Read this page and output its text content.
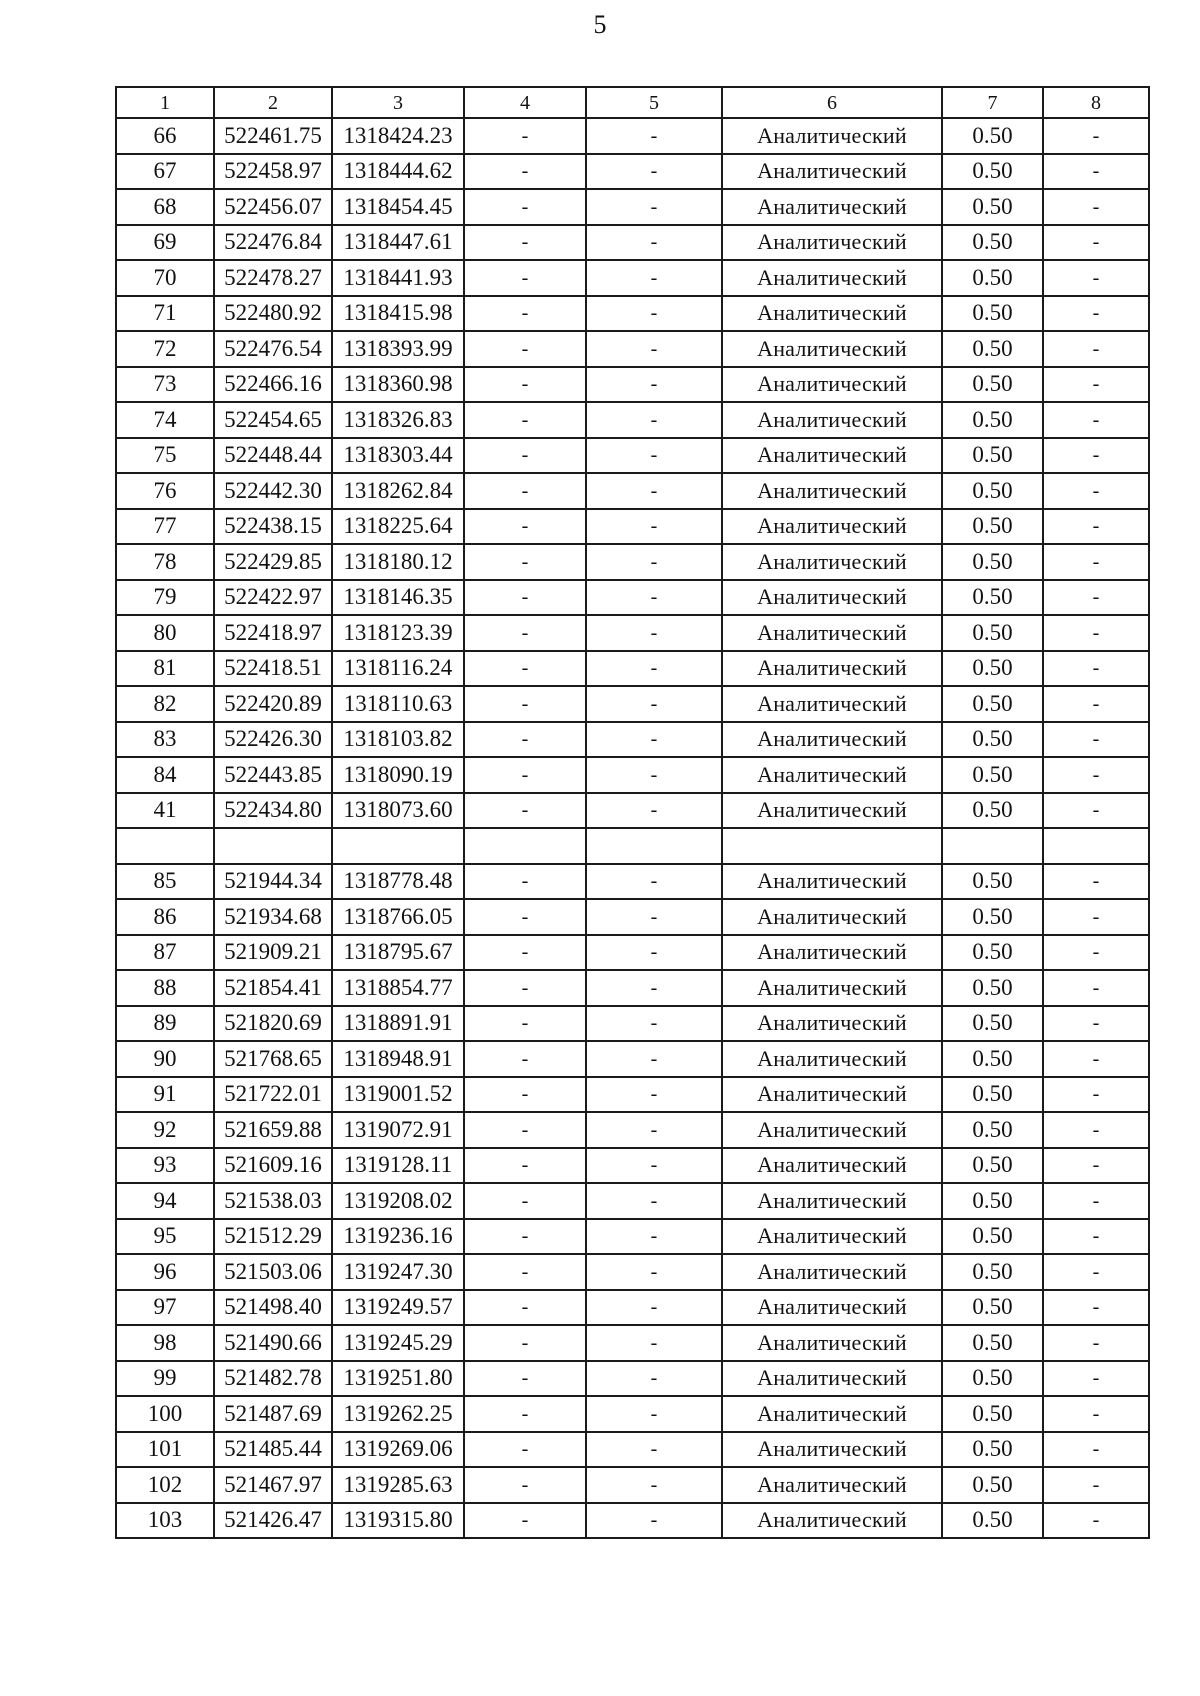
5
1	2	3	4	5	6	7	8
66	522461.75	1318424.23	-	-	Аналитический	0.50	-
67	522458.97	1318444.62	-	-	Аналитический	0.50	-
68	522456.07	1318454.45	-	-	Аналитический	0.50	-
69	522476.84	1318447.61	-	-	Аналитический	0.50	-
70	522478.27	1318441.93	-	-	Аналитический	0.50	-
71	522480.92	1318415.98	-	-	Аналитический	0.50	-
72	522476.54	1318393.99	-	-	Аналитический	0.50	-
73	522466.16	1318360.98	-	-	Аналитический	0.50	-
74	522454.65	1318326.83	-	-	Аналитический	0.50	-
75	522448.44	1318303.44	-	-	Аналитический	0.50	-
76	522442.30	1318262.84	-	-	Аналитический	0.50	-
77	522438.15	1318225.64	-	-	Аналитический	0.50	-
78	522429.85	1318180.12	-	-	Аналитический	0.50	-
79	522422.97	1318146.35	-	-	Аналитический	0.50	-
80	522418.97	1318123.39	-	-	Аналитический	0.50	-
81	522418.51	1318116.24	-	-	Аналитический	0.50	-
82	522420.89	1318110.63	-	-	Аналитический	0.50	-
83	522426.30	1318103.82	-	-	Аналитический	0.50	-
84	522443.85	1318090.19	-	-	Аналитический	0.50	-
41	522434.80	1318073.60	-	-	Аналитический	0.50	-

85	521944.34	1318778.48	-	-	Аналитический	0.50	-
86	521934.68	1318766.05	-	-	Аналитический	0.50	-
87	521909.21	1318795.67	-	-	Аналитический	0.50	-
88	521854.41	1318854.77	-	-	Аналитический	0.50	-
89	521820.69	1318891.91	-	-	Аналитический	0.50	-
90	521768.65	1318948.91	-	-	Аналитический	0.50	-
91	521722.01	1319001.52	-	-	Аналитический	0.50	-
92	521659.88	1319072.91	-	-	Аналитический	0.50	-
93	521609.16	1319128.11	-	-	Аналитический	0.50	-
94	521538.03	1319208.02	-	-	Аналитический	0.50	-
95	521512.29	1319236.16	-	-	Аналитический	0.50	-
96	521503.06	1319247.30	-	-	Аналитический	0.50	-
97	521498.40	1319249.57	-	-	Аналитический	0.50	-
98	521490.66	1319245.29	-	-	Аналитический	0.50	-
99	521482.78	1319251.80	-	-	Аналитический	0.50	-
100	521487.69	1319262.25	-	-	Аналитический	0.50	-
101	521485.44	1319269.06	-	-	Аналитический	0.50	-
102	521467.97	1319285.63	-	-	Аналитический	0.50	-
103	521426.47	1319315.80	-	-	Аналитический	0.50	-
